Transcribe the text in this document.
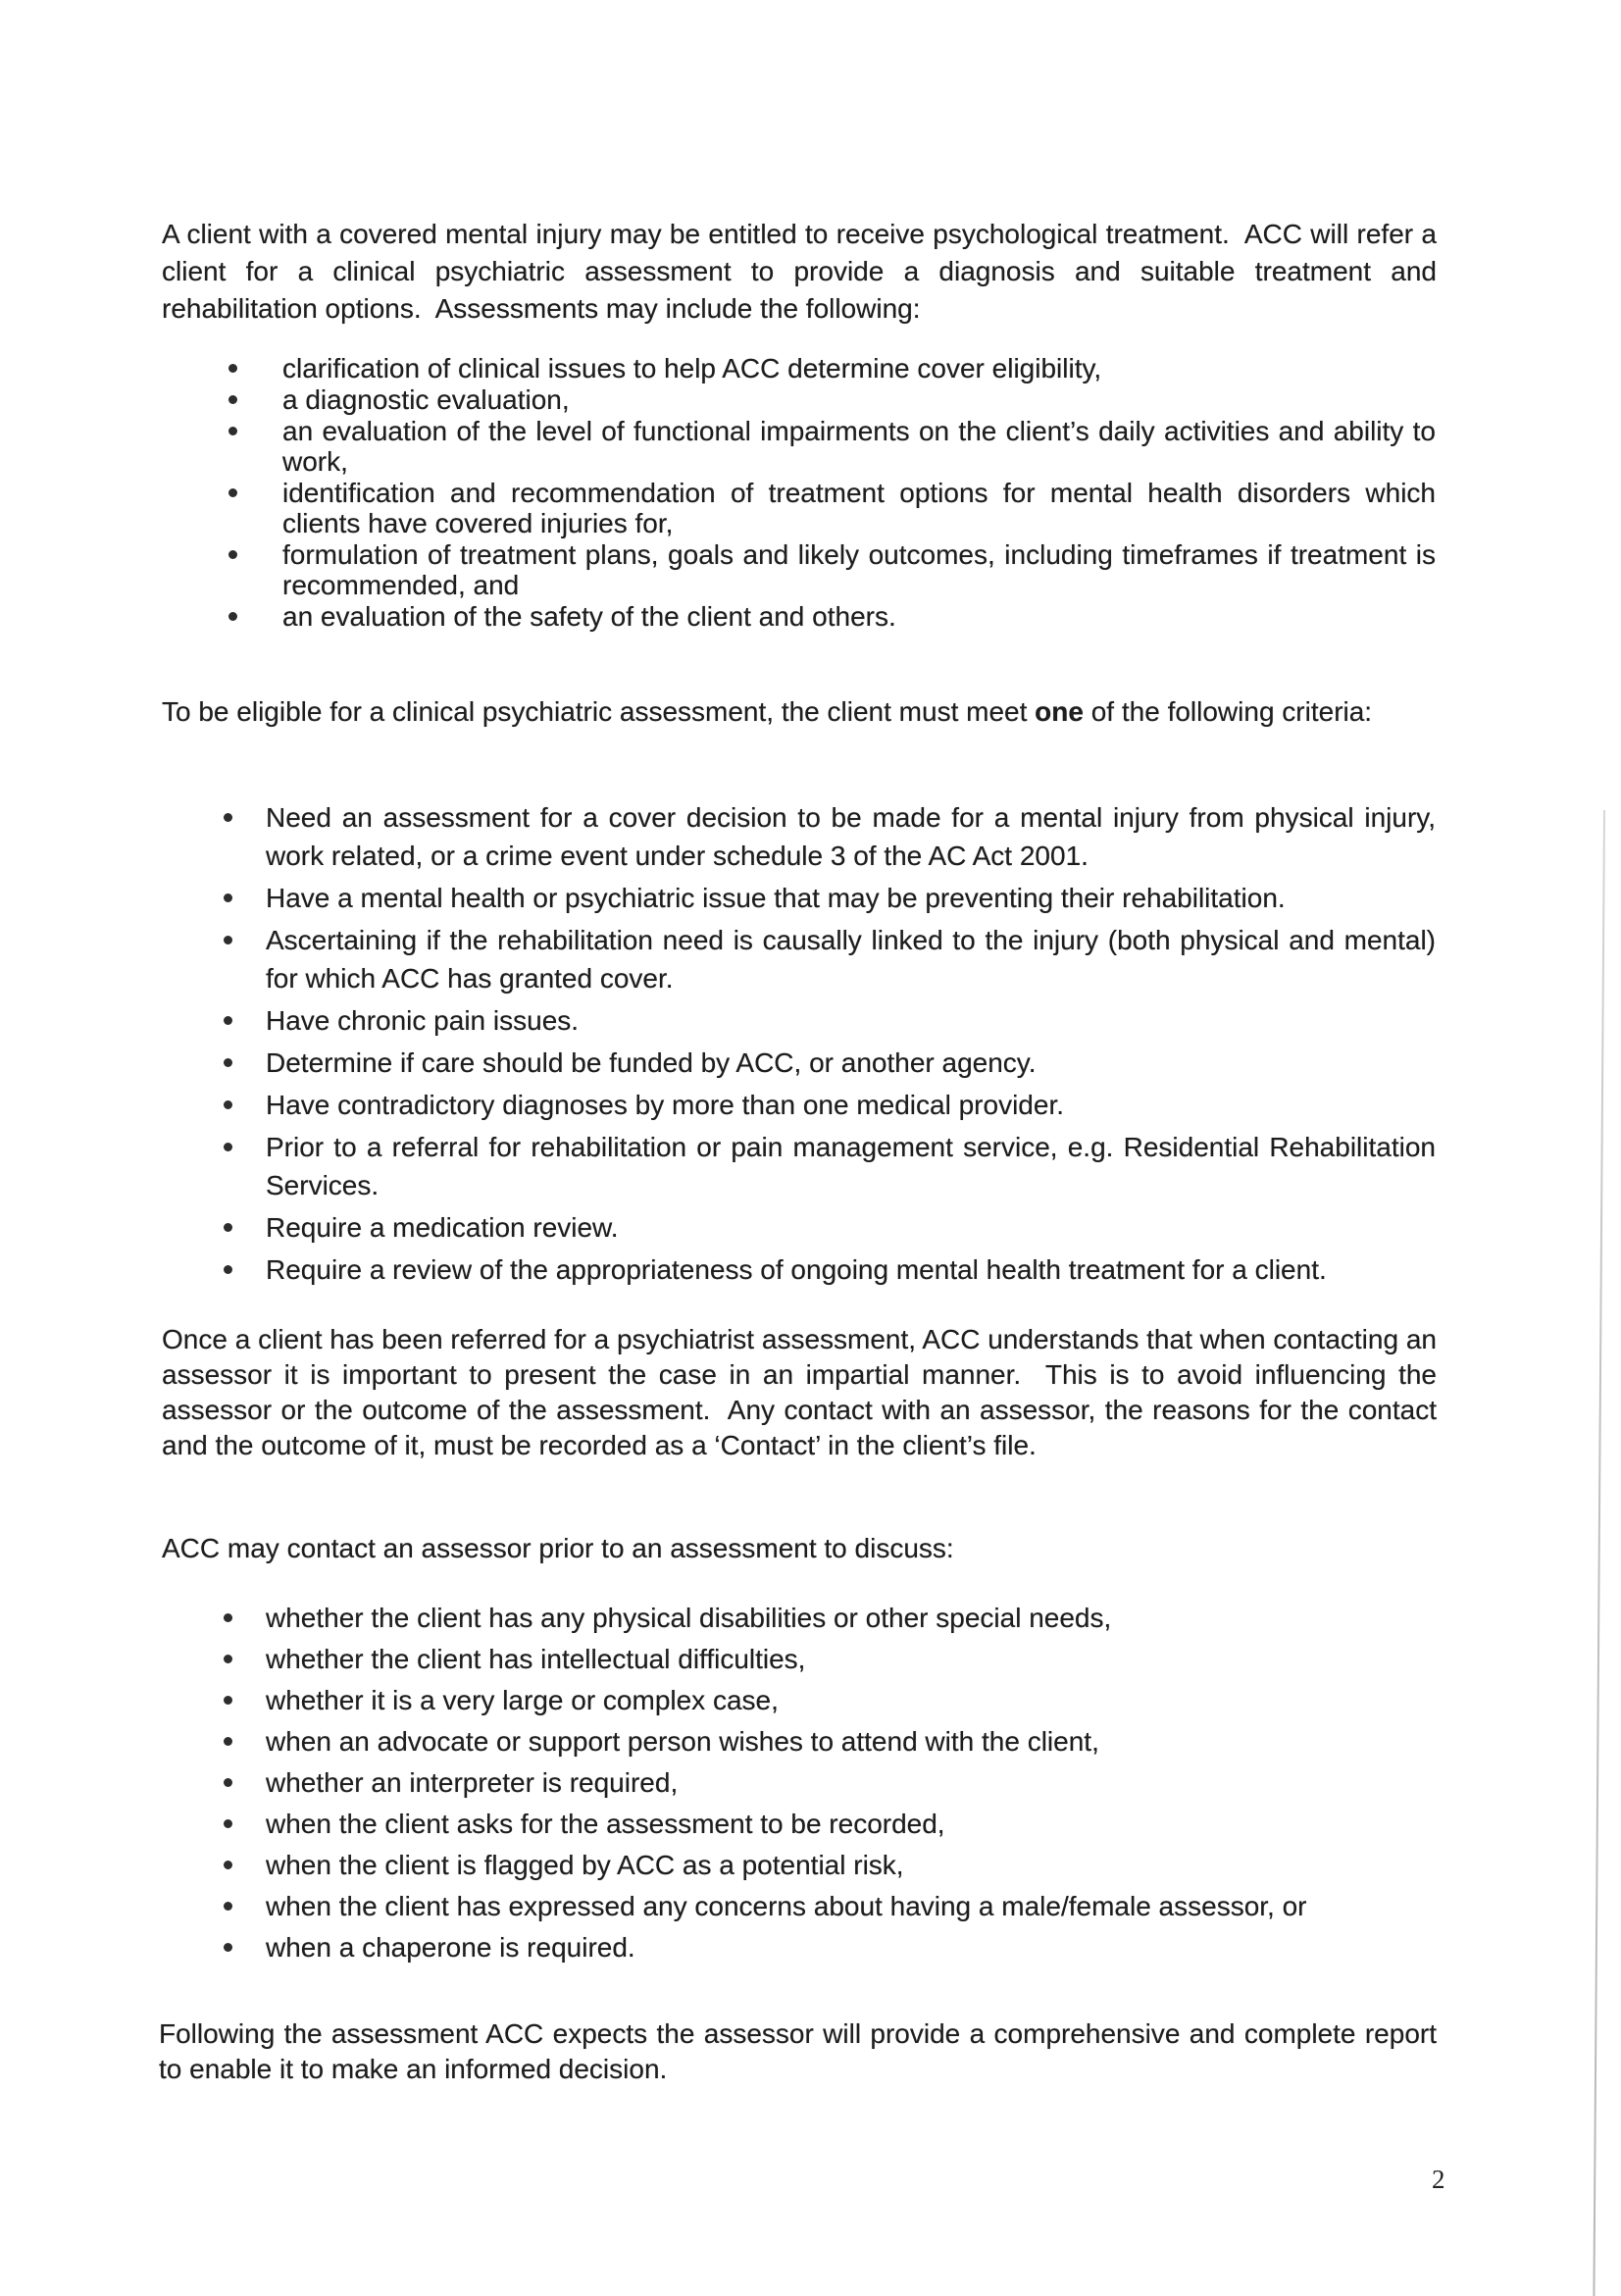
A client with a covered mental injury may be entitled to receive psychological treatment.  ACC will refer a client for a clinical psychiatric assessment to provide a diagnosis and suitable treatment and rehabilitation options.  Assessments may include the following:

clarification of clinical issues to help ACC determine cover eligibility,
a diagnostic evaluation,
an evaluation of the level of functional impairments on the client’s daily activities and ability to work,
identification and recommendation of treatment options for mental health disorders which clients have covered injuries for,
formulation of treatment plans, goals and likely outcomes, including timeframes if treatment is recommended, and
an evaluation of the safety of the client and others.

To be eligible for a clinical psychiatric assessment, the client must meet one of the following criteria:

Need an assessment for a cover decision to be made for a mental injury from physical injury, work related, or a crime event under schedule 3 of the AC Act 2001.
Have a mental health or psychiatric issue that may be preventing their rehabilitation.
Ascertaining if the rehabilitation need is causally linked to the injury (both physical and mental) for which ACC has granted cover.
Have chronic pain issues.
Determine if care should be funded by ACC, or another agency.
Have contradictory diagnoses by more than one medical provider.
Prior to a referral for rehabilitation or pain management service, e.g. Residential Rehabilitation Services.
Require a medication review.
Require a review of the appropriateness of ongoing mental health treatment for a client.

Once a client has been referred for a psychiatrist assessment, ACC understands that when contacting an assessor it is important to present the case in an impartial manner.  This is to avoid influencing the assessor or the outcome of the assessment.  Any contact with an assessor, the reasons for the contact and the outcome of it, must be recorded as a ‘Contact’ in the client’s file.

ACC may contact an assessor prior to an assessment to discuss:

whether the client has any physical disabilities or other special needs,
whether the client has intellectual difficulties,
whether it is a very large or complex case,
when an advocate or support person wishes to attend with the client,
whether an interpreter is required,
when the client asks for the assessment to be recorded,
when the client is flagged by ACC as a potential risk,
when the client has expressed any concerns about having a male/female assessor, or
when a chaperone is required.

Following the assessment ACC expects the assessor will provide a comprehensive and complete report to enable it to make an informed decision.

2
